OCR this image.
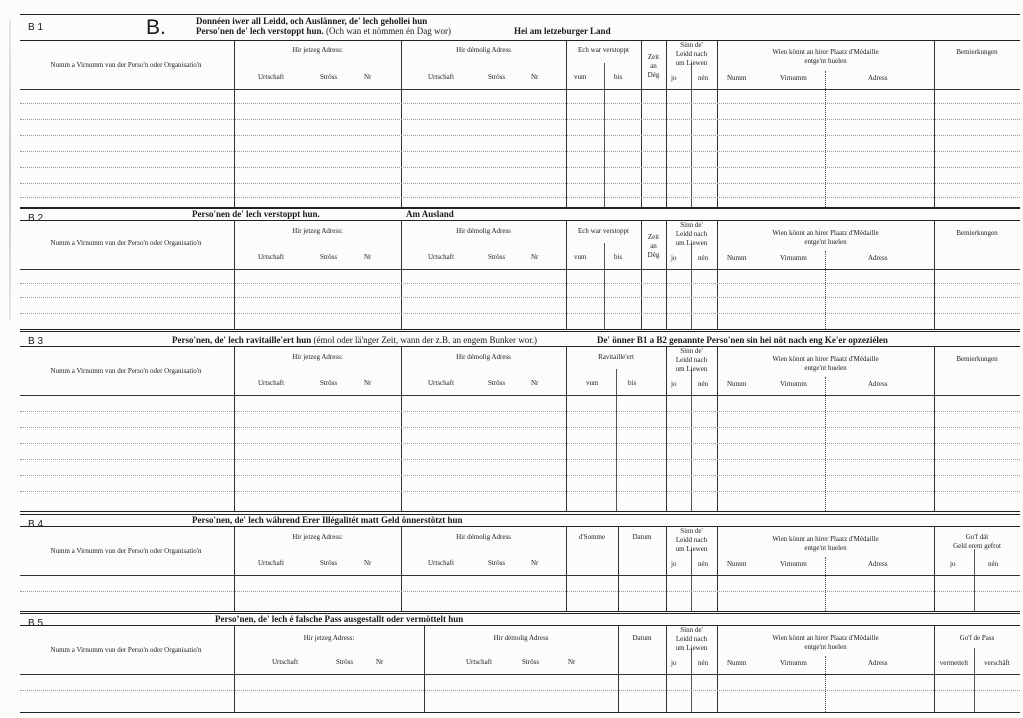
B 1	B.	Donnéen iwer all Leidd, och Auslänner, de' lech geholleí hun
Perso'nen de' lech verstoppt hun. (Och wan et nömmen én Dag wor)	Hei am letzeburger Land
Numm a Virnumm vun der Perso'n oder Organisatio'n
Hir jetzeg Adress:
Urtschaft	Ströss	Nr
Hir démolig Adress
Urtschaft	Ströss	Nr
Ech war verstoppt
vum	bis
Zeit
an
Dég
Sinn de'
Leidd nach
um Liewen
jo	nén
Wien könnt an hirer Plaatz d'Médaille
entge'nt huelen
Numm	Virnumm	Adress
Bemierkungen
B 2	Perso'nen de' lech verstoppt hun.	Am Ausland
Numm a Virnumm vun der Perso'n oder Organisatio'n
Hir jetzeg Adress:
Urtschaft	Ströss	Nr
Hir démolig Adress
Urtschaft	Ströss	Nr
Ech war verstoppt
vum	bis
Zeit
an
Dég
Sinn de'
Leidd nach
um Liewen
jo	nén
Wien könnt an hirer Plaatz d'Médaille
entge'nt huelen
Numm	Virnumm	Adress
Bemierkungen
B 3	Perso'nen, de' lech ravitaille'ert hun (émol oder lä'nger Zeit, wann der z.B. an engem Bunker wor.)	De' önner B1 a B2 genannte Perso'nen sin hei nöt nach eng Ke'er opzeziélen
Numm a Virnumm vun der Perso'n oder Organisatio'n
Hir jetzeg Adress:
Urtschaft	Ströss	Nr
Hir démolig Adress
Urtschaft	Ströss	Nr
Ravitaille'ert
vum	bis
Sinn de'
Leidd nach
um Liewen
jo	nén
Wien könnt an hirer Plaatz d'Médaille
entge'nt huelen
Numm	Virnumm	Adress
Bemierkungen
B 4	Perso'nen, de' lech während Erer Illégalitét matt Geld önnerstötzt hun
Numm a Virnumm vun der Perso'n oder Organisatio'n
Hir jetzeg Adress:
Urtschaft	Ströss	Nr
Hir démolig Adress
Urtschaft	Ströss	Nr
d'Somme	Datum
Sinn de'
Leidd nach
um Liewen
jo	nén
Wien könnt an hirer Plaatz d'Médaille
entge'nt huelen
Numm	Virnumm	Adress
Go'f dät
Geld erem gefrot
jo	nén
B 5	Persoʼnen, de' lech é falsche Pass ausgestallt oder vermöttelt hun
Numm a Virnumm vun der Perso'n oder Organisatio'n
Hir jetzeg Adress:
Urtschaft	Ströss	Nr
Hir démolig Adress
Urtschaft	Ströss	Nr
Datum
Sinn de'
Leidd nach
um Liewen
jo	nén
Wien könnt an hirer Plaatz d'Médaille
entge'nt huelen
Numm	Virnumm	Adress
Go'f de Pass
vermettelt	verschäft
